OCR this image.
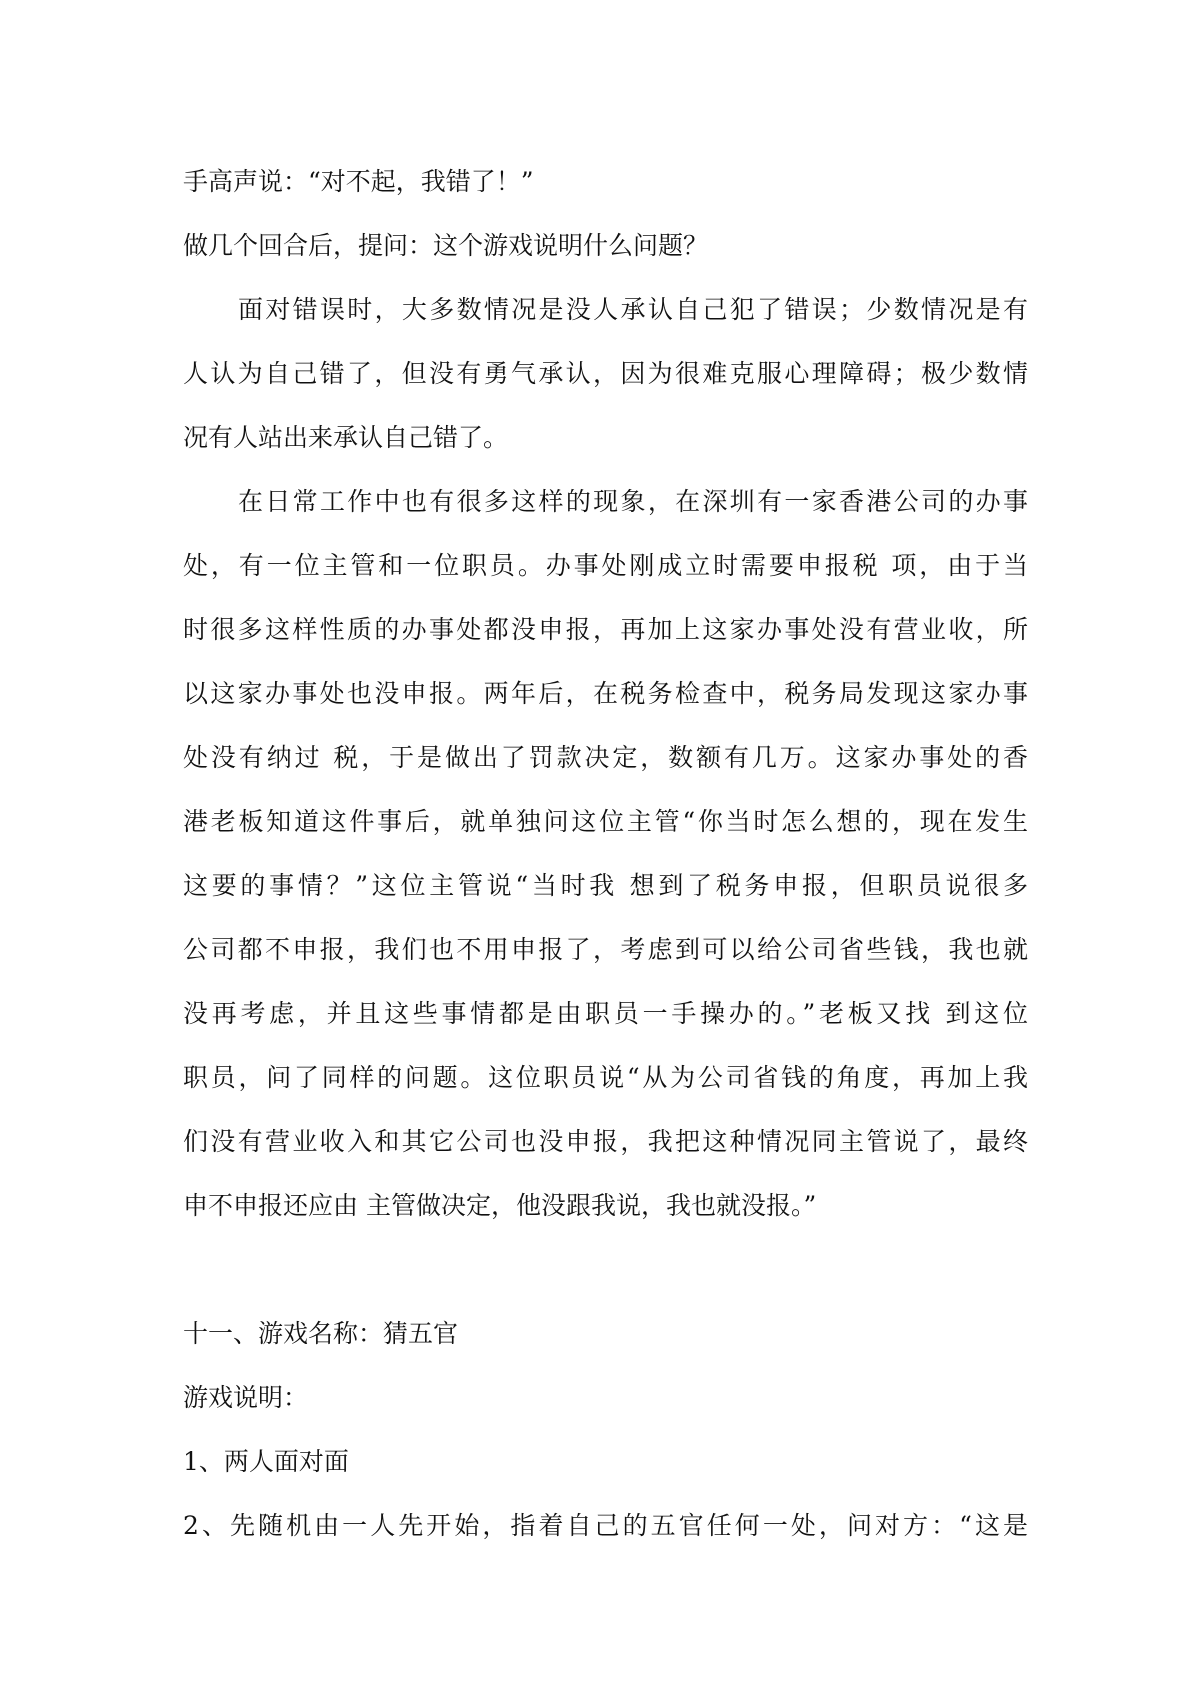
手高声说：“对不起，我错了！”
做几个回合后，提问：这个游戏说明什么问题？
面对错误时，大多数情况是没人承认自己犯了错误；少数情况是有
人认为自己错了，但没有勇气承认，因为很难克服心理障碍；极少数情
况有人站出来承认自己错了。
在日常工作中也有很多这样的现象，在深圳有一家香港公司的办事
处，有一位主管和一位职员。办事处刚成立时需要申报税 项，由于当
时很多这样性质的办事处都没申报，再加上这家办事处没有营业收，所
以这家办事处也没申报。两年后，在税务检查中，税务局发现这家办事
处没有纳过 税，于是做出了罚款决定，数额有几万。这家办事处的香
港老板知道这件事后，就单独问这位主管“你当时怎么想的，现在发生
这要的事情？”这位主管说“当时我 想到了税务申报，但职员说很多
公司都不申报，我们也不用申报了，考虑到可以给公司省些钱，我也就
没再考虑，并且这些事情都是由职员一手操办的。”老板又找 到这位
职员，问了同样的问题。这位职员说“从为公司省钱的角度，再加上我
们没有营业收入和其它公司也没申报，我把这种情况同主管说了，最终
申不申报还应由 主管做决定，他没跟我说，我也就没报。”
十一、游戏名称：猜五官
游戏说明：
1、两人面对面
2、先随机由一人先开始，指着自己的五官任何一处，问对方：“这是
